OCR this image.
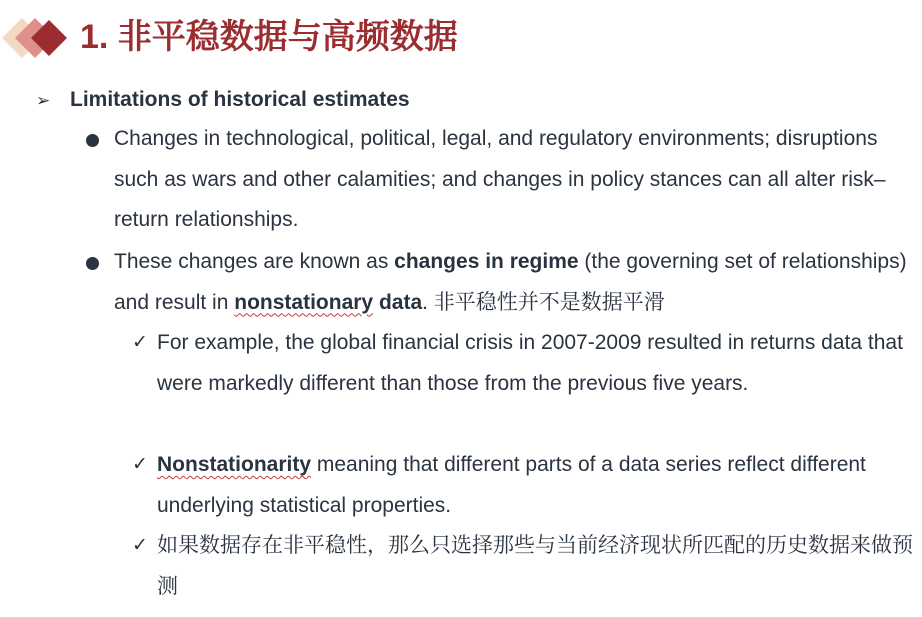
1. 非平稳数据与高频数据
➢ Limitations of historical estimates
Changes in technological, political, legal, and regulatory environments; disruptions such as wars and other calamities; and changes in policy stances can all alter risk–return relationships.
These changes are known as changes in regime (the governing set of relationships) and result in nonstationary data. 非平稳性并不是数据平滑
✓ For example, the global financial crisis in 2007-2009 resulted in returns data that were markedly different than those from the previous five years.
✓ Nonstationarity meaning that different parts of a data series reflect different underlying statistical properties.
✓ 如果数据存在非平稳性，那么只选择那些与当前经济现状所匹配的历史数据来做预测
